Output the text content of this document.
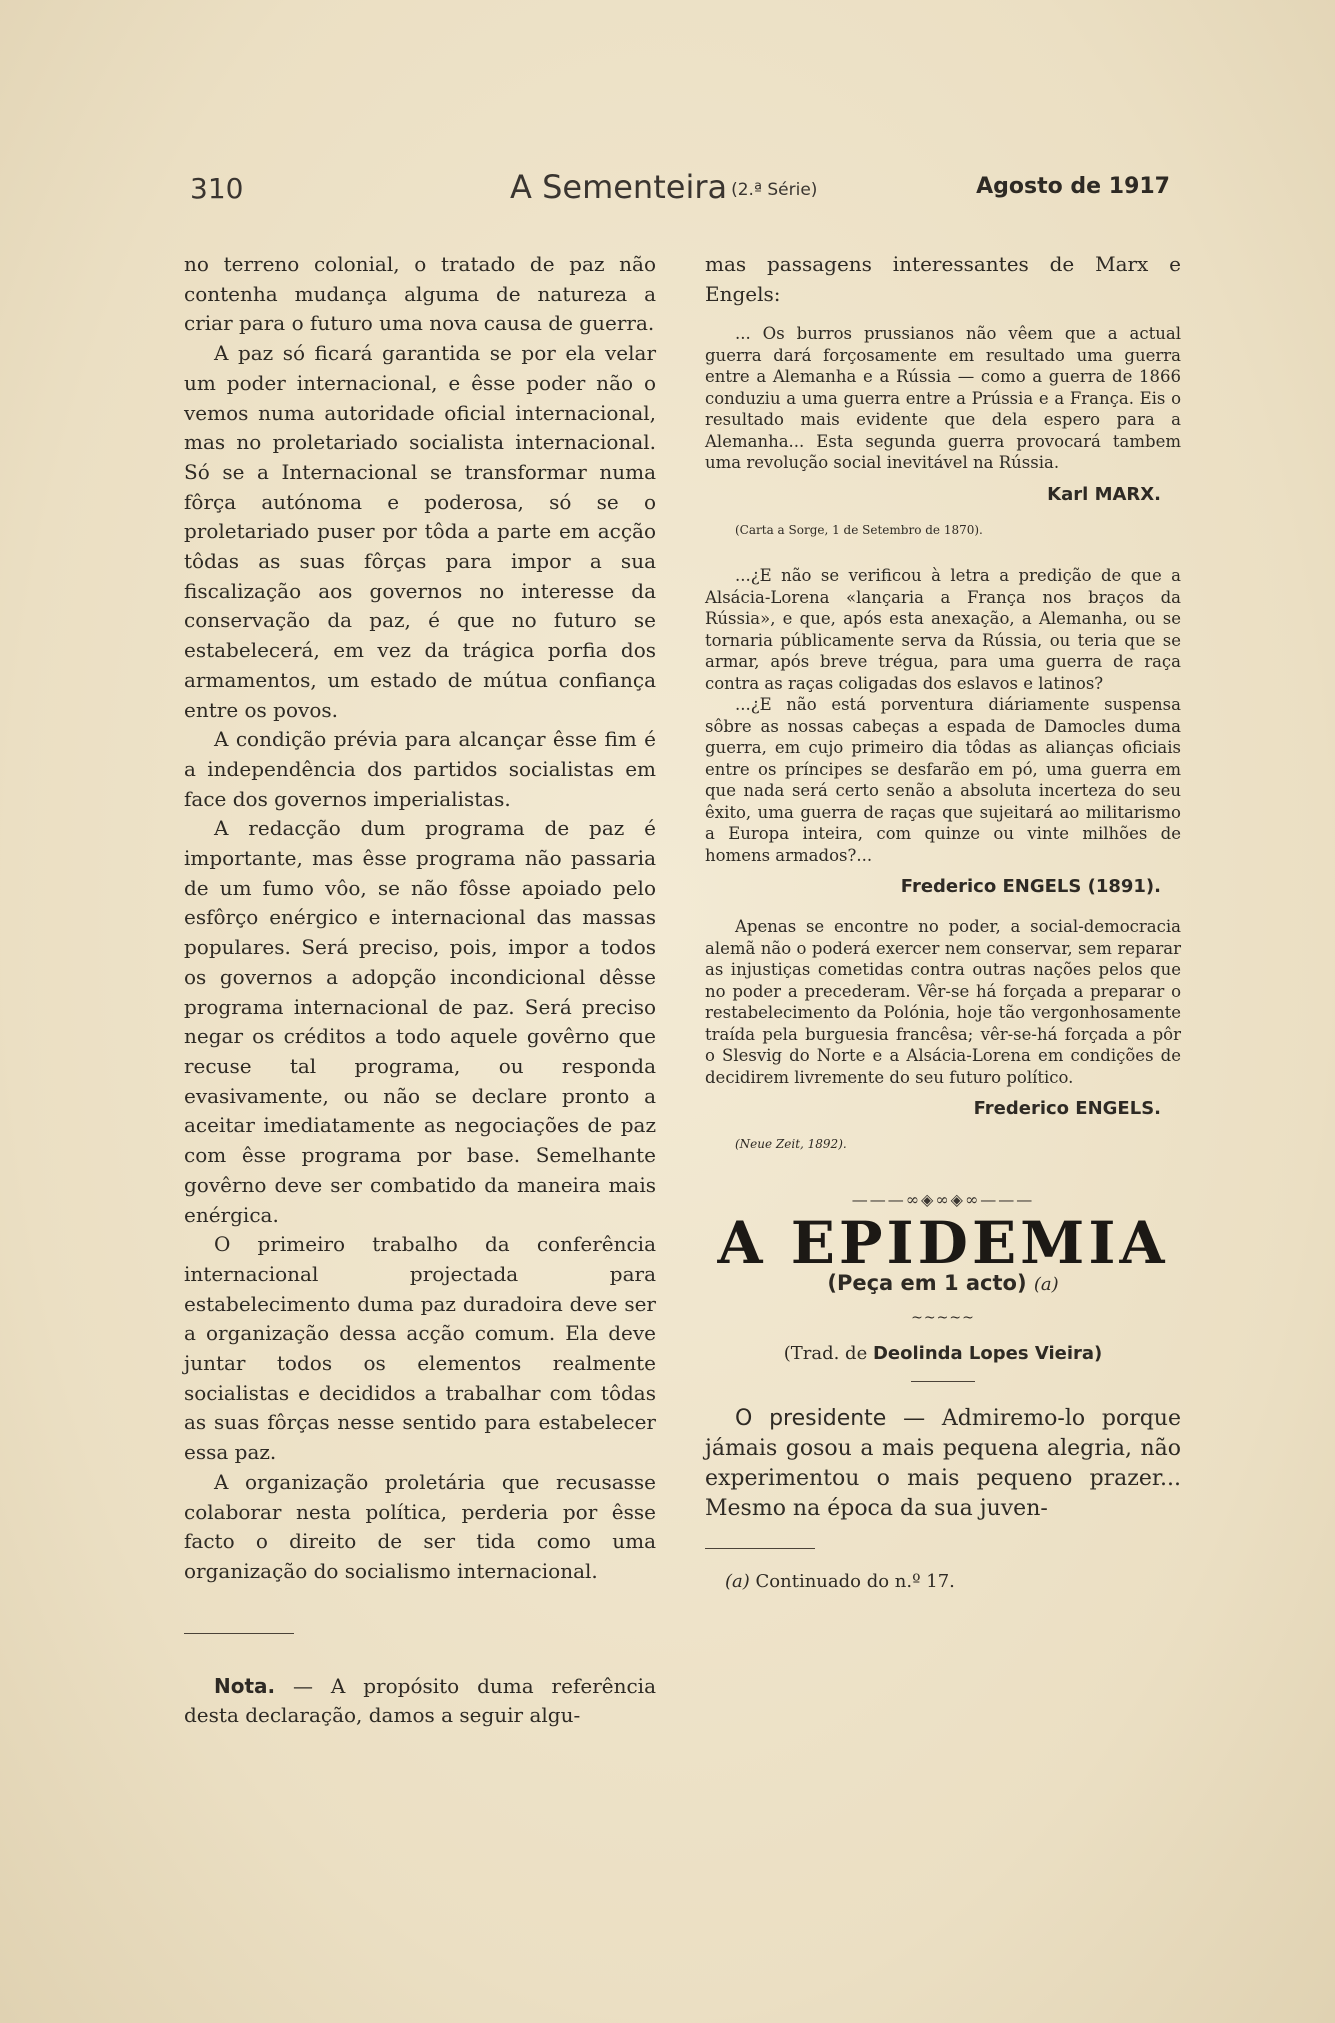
310	A Sementeira (2.ª Série)	Agosto de 1917

no terreno colonial, o tratado de paz não contenha mudança alguma de natureza a criar para o futuro uma nova causa de guerra.

A paz só ficará garantida se por ela velar um poder internacional, e êsse poder não o vemos numa autoridade oficial internacional, mas no proletariado socialista internacional. Só se a Internacional se transformar numa fôrça autónoma e poderosa, só se o proletariado puser por tôda a parte em acção tôdas as suas fôrças para impor a sua fiscalização aos governos no interesse da conservação da paz, é que no futuro se estabelecerá, em vez da trágica porfia dos armamentos, um estado de mútua confiança entre os povos.

A condição prévia para alcançar êsse fim é a independência dos partidos socialistas em face dos governos imperialistas.

A redacção dum programa de paz é importante, mas êsse programa não passaria de um fumo vôo, se não fôsse apoiado pelo esfôrço enérgico e internacional das massas populares. Será preciso, pois, impor a todos os governos a adopção incondicional dêsse programa internacional de paz. Será preciso negar os créditos a todo aquele govêrno que recuse tal programa, ou responda evasivamente, ou não se declare pronto a aceitar imediatamente as negociações de paz com êsse programa por base. Semelhante govêrno deve ser combatido da maneira mais enérgica.

O primeiro trabalho da conferência internacional projectada para estabelecimento duma paz duradoira deve ser a organização dessa acção comum. Ela deve juntar todos os elementos realmente socialistas e decididos a trabalhar com tôdas as suas fôrças nesse sentido para estabelecer essa paz.

A organização proletária que recusasse colaborar nesta política, perderia por êsse facto o direito de ser tida como uma organização do socialismo internacional.

Nota. — A propósito duma referência desta declaração, damos a seguir algu-

mas passagens interessantes de Marx e Engels:

... Os burros prussianos não vêem que a actual guerra dará forçosamente em resultado uma guerra entre a Alemanha e a Rússia — como a guerra de 1866 conduziu a uma guerra entre a Prússia e a França. Eis o resultado mais evidente que dela espero para a Alemanha... Esta segunda guerra provocará tambem uma revolução social inevitável na Rússia.

Karl MARX.

(Carta a Sorge, 1 de Setembro de 1870).

...¿E não se verificou à letra a predição de que a Alsácia-Lorena «lançaria a França nos braços da Rússia», e que, após esta anexação, a Alemanha, ou se tornaria públicamente serva da Rússia, ou teria que se armar, após breve trégua, para uma guerra de raça contra as raças coligadas dos eslavos e latinos?

...¿E não está porventura diáriamente suspensa sôbre as nossas cabeças a espada de Damocles duma guerra, em cujo primeiro dia tôdas as alianças oficiais entre os príncipes se desfarão em pó, uma guerra em que nada será certo senão a absoluta incerteza do seu êxito, uma guerra de raças que sujeitará ao militarismo a Europa inteira, com quinze ou vinte milhões de homens armados?...

Frederico ENGELS (1891).

Apenas se encontre no poder, a social-democracia alemã não o poderá exercer nem conservar, sem reparar as injustiças cometidas contra outras nações pelos que no poder a precederam. Vêr-se há forçada a preparar o restabelecimento da Polónia, hoje tão vergonhosamente traída pela burguesia francêsa; vêr-se-há forçada a pôr o Slesvig do Norte e a Alsácia-Lorena em condições de decidirem livremente do seu futuro político.

Frederico ENGELS.

(Neue Zeit, 1892).

———∞◈∞◈∞———
A EPIDEMIA
(Peça em 1 acto) (a)
~~~~~
(Trad. de Deolinda Lopes Vieira)

O presidente — Admiremo-lo porque jámais gosou a mais pequena alegria, não experimentou o mais pequeno prazer... Mesmo na época da sua juven-

(a) Continuado do n.º 17.
